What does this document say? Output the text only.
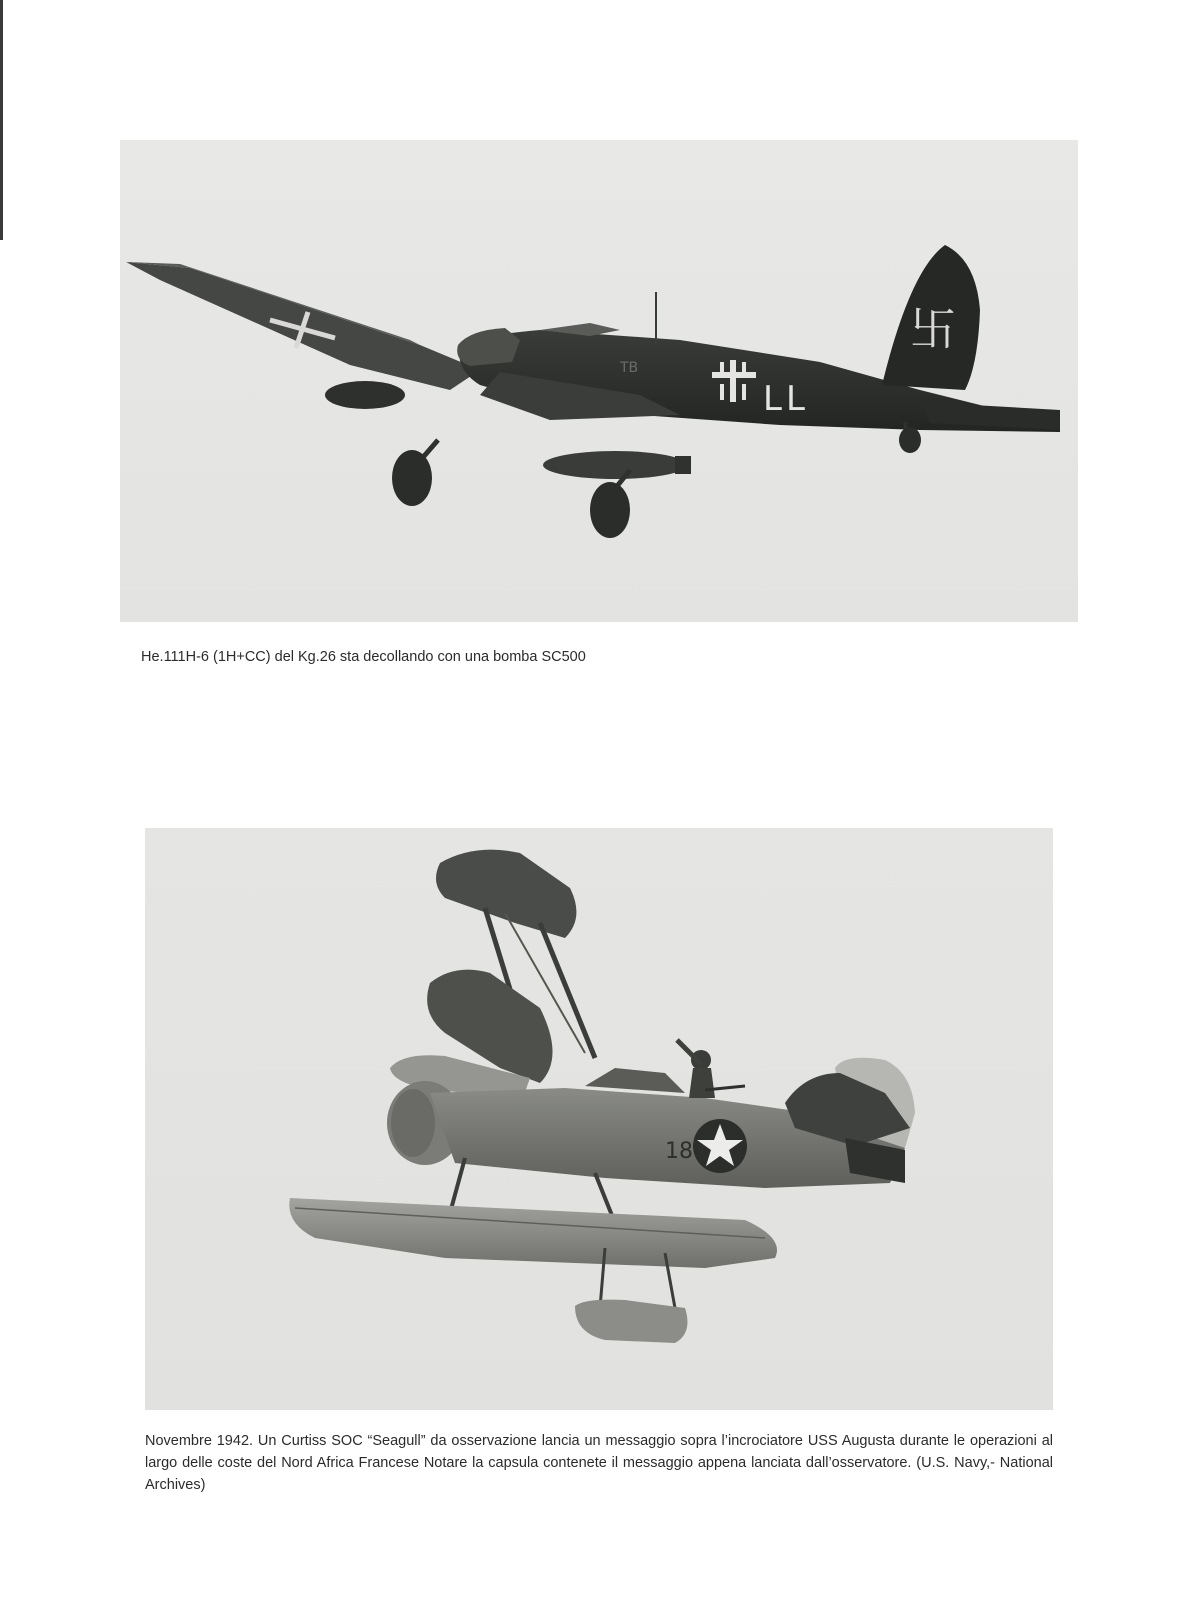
卐
LL
TB
He.111H-6 (1H+CC) del Kg.26 sta decollando con una bomba SC500
18
Novembre 1942. Un Curtiss SOC “Seagull” da osservazione lancia un messaggio sopra l’incrociatore USS Augusta durante le operazioni al largo delle coste del Nord Africa Francese Notare la capsula contenete il messaggio appena lanciata dall’osservatore. (U.S. Navy,- National Archives)
